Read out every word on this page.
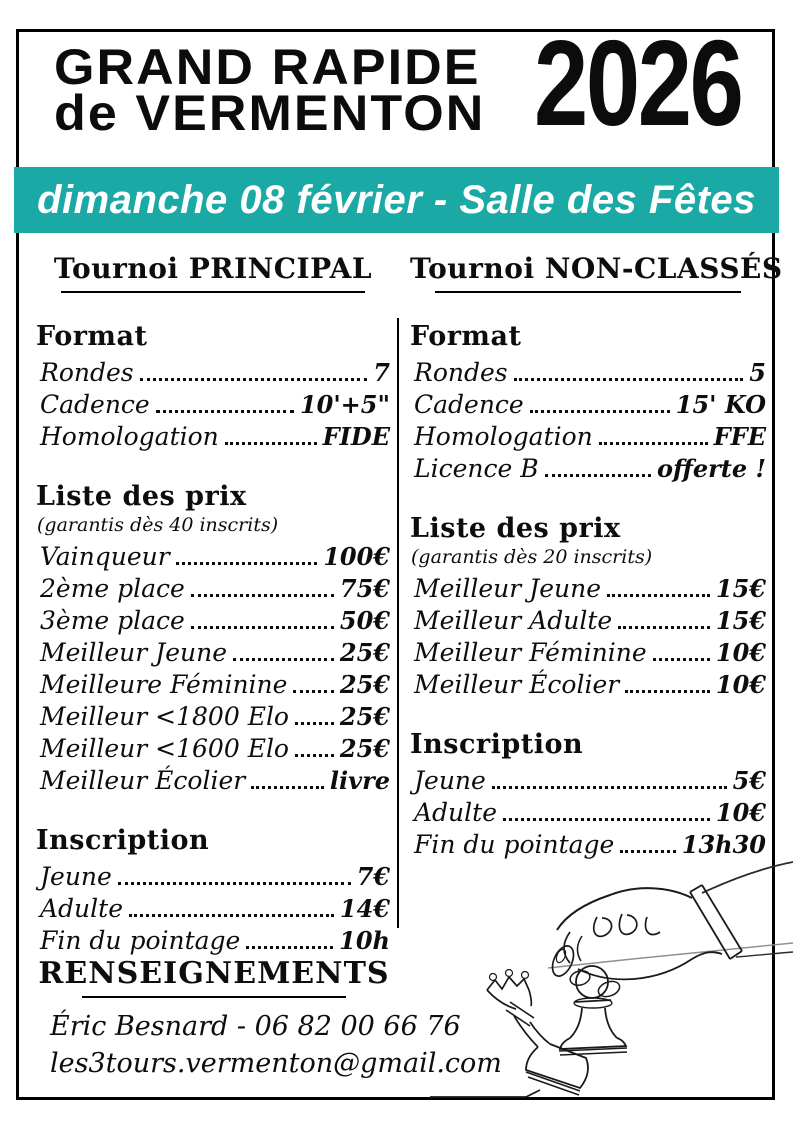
GRAND RAPIDE
de VERMENTON 2026
dimanche 08 février - Salle des Fêtes
Tournoi PRINCIPAL
Format
Rondes	7
Cadence	10'+5"
Homologation	FIDE
Liste des prix
(garantis dès 40 inscrits)
Vainqueur	100€
2ème place	75€
3ème place	50€
Meilleur Jeune	25€
Meilleure Féminine 25€
Meilleur <1800 Elo 25€
Meilleur <1600 Elo 25€
Meilleur Écolier	livre
Inscription
Jeune	7€
Adulte	14€
Fin du pointage	10h
Tournoi NON-CLASSÉS
Format
Rondes	5
Cadence	15' KO
Homologation	FFE
Licence B	offerte !
Liste des prix
(garantis dès 20 inscrits)
Meilleur Jeune	15€
Meilleur Adulte	15€
Meilleur Féminine	10€
Meilleur Écolier	10€
Inscription
Jeune	5€
Adulte	10€
Fin du pointage	13h30
RENSEIGNEMENTS
Éric Besnard - 06 82 00 66 76
les3tours.vermenton@gmail.com
